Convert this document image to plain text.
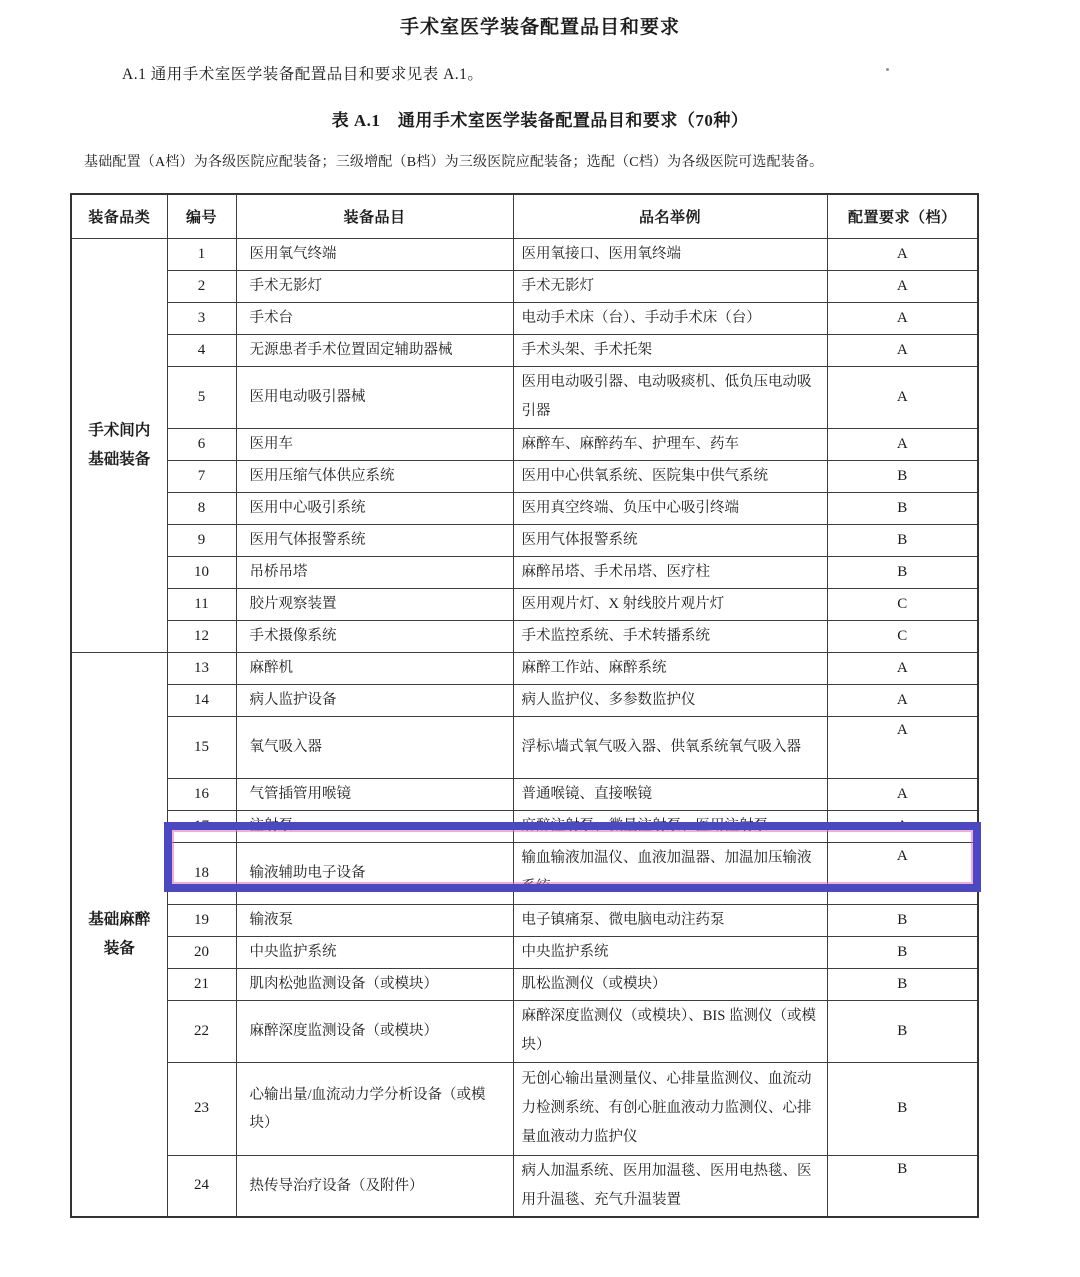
手术室医学装备配置品目和要求
A.1 通用手术室医学装备配置品目和要求见表 A.1。
表 A.1　通用手术室医学装备配置品目和要求（70种）
基础配置（A档）为各级医院应配装备；三级增配（B档）为三级医院应配装备；选配（C档）为各级医院可选配装备。
装备品类	编号	装备品目	品名举例	配置要求（档）

手术间内
基础装备	1	医用氧气终端	医用氧接口、医用氧终端	A
	2	手术无影灯	手术无影灯	A
	3	手术台	电动手术床（台）、手动手术床（台）	A
	4	无源患者手术位置固定辅助器械	手术头架、手术托架	A
	5	医用电动吸引器械	医用电动吸引器、电动吸痰机、低负压电动吸引器	A
	6	医用车	麻醉车、麻醉药车、护理车、药车	A
	7	医用压缩气体供应系统	医用中心供氧系统、医院集中供气系统	B
	8	医用中心吸引系统	医用真空终端、负压中心吸引终端	B
	9	医用气体报警系统	医用气体报警系统	B
	10	吊桥吊塔	麻醉吊塔、手术吊塔、医疗柱	B
	11	胶片观察装置	医用观片灯、X 射线胶片观片灯	C
	12	手术摄像系统	手术监控系统、手术转播系统	C

基础麻醉
装备	13	麻醉机	麻醉工作站、麻醉系统	A
	14	病人监护设备	病人监护仪、多参数监护仪	A
	15	氧气吸入器	浮标\墙式氧气吸入器、供氧系统氧气吸入器	A
	16	气管插管用喉镜	普通喉镜、直接喉镜	A
	17	注射泵	麻醉注射泵、微量注射泵、医用注射泵	A
	18	输液辅助电子设备	输血输液加温仪、血液加温器、加温加压输液系统	A
	19	输液泵	电子镇痛泵、微电脑电动注药泵	B
	20	中央监护系统	中央监护系统	B
	21	肌肉松弛监测设备（或模块）	肌松监测仪（或模块）	B
	22	麻醉深度监测设备（或模块）	麻醉深度监测仪（或模块）、BIS 监测仪（或模块）	B
	23	心输出量/血流动力学分析设备（或模块）	无创心输出量测量仪、心排量监测仪、血流动力检测系统、有创心脏血液动力监测仪、心排量血液动力监护仪	B
	24	热传导治疗设备（及附件）	病人加温系统、医用加温毯、医用电热毯、医用升温毯、充气升温装置	B
